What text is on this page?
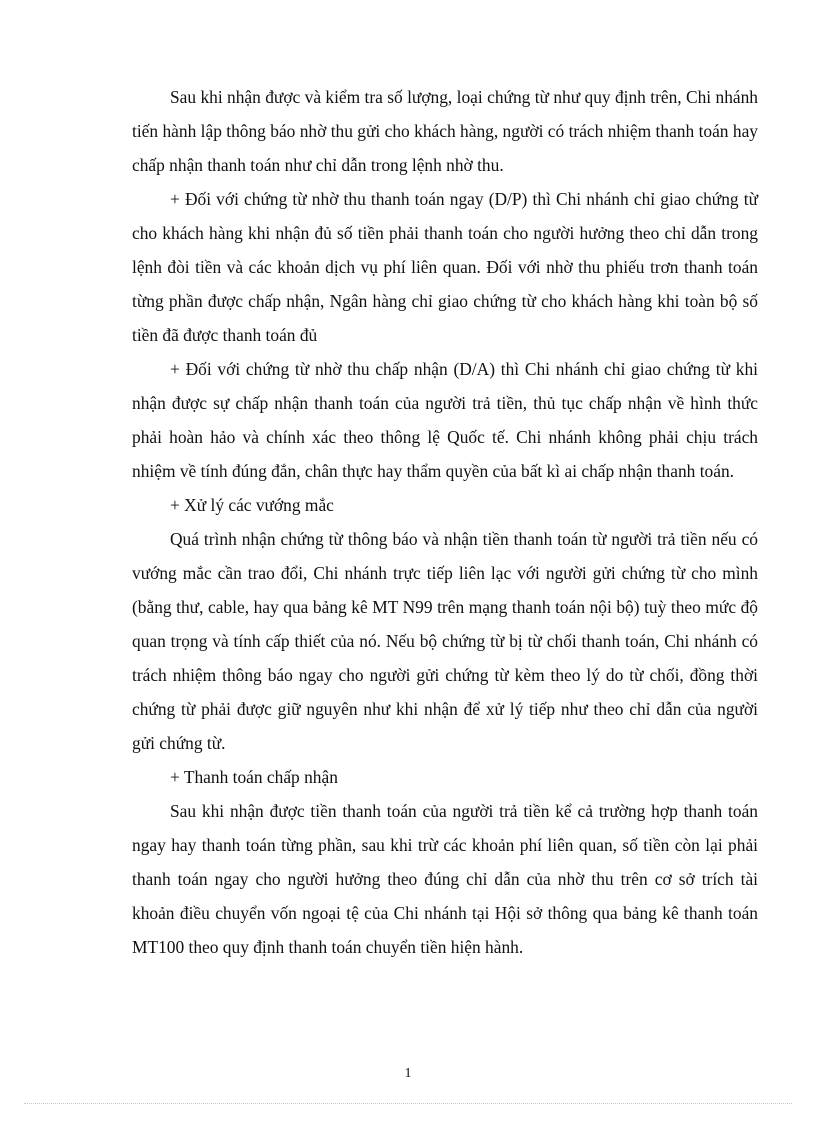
Sau khi nhận được và kiểm tra số lượng, loại chứng từ như quy định trên, Chi nhánh tiến hành lập thông báo nhờ thu gửi cho khách hàng, người có trách nhiệm thanh toán hay chấp nhận thanh toán như chỉ dẫn trong lệnh nhờ thu.

+ Đối với chứng từ nhờ thu thanh toán ngay (D/P) thì Chi nhánh chỉ giao chứng từ cho khách hàng khi nhận đủ số tiền phải thanh toán cho người hưởng theo chỉ dẫn trong lệnh đòi tiền và các khoản dịch vụ phí liên quan. Đối với nhờ thu phiếu trơn thanh toán từng phần được chấp nhận, Ngân hàng chỉ giao chứng từ cho khách hàng khi toàn bộ số tiền đã được thanh toán đủ

+ Đối với chứng từ nhờ thu chấp nhận (D/A) thì Chi nhánh chỉ giao chứng từ khi nhận được sự chấp nhận thanh toán của người trả tiền, thủ tục chấp nhận về hình thức phải hoàn hảo và chính xác theo thông lệ Quốc tế. Chi nhánh không phải chịu trách nhiệm về tính đúng đắn, chân thực hay thẩm quyền của bất kì ai chấp nhận thanh toán.

+ Xử lý các vướng mắc

Quá trình nhận chứng từ thông báo và nhận tiền thanh toán từ người trả tiền nếu có vướng mắc cần trao đổi, Chi nhánh trực tiếp liên lạc với người gửi chứng từ cho mình (bằng thư, cable, hay qua bảng kê MT N99 trên mạng thanh toán nội bộ) tuỳ theo mức độ quan trọng và tính cấp thiết của nó. Nếu bộ chứng từ bị từ chối thanh toán, Chi nhánh có trách nhiệm thông báo ngay cho người gửi chứng từ kèm theo lý do từ chối, đồng thời chứng từ phải được giữ nguyên như khi nhận để xử lý tiếp như theo chỉ dẫn của người gửi chứng từ.

+ Thanh toán chấp nhận

Sau khi nhận được tiền thanh toán của người trả tiền kể cả trường hợp thanh toán ngay hay thanh toán từng phần, sau khi trừ các khoản phí liên quan, số tiền còn lại phải thanh toán ngay cho người hưởng theo đúng chỉ dẫn của nhờ thu trên cơ sở trích tài khoản điều chuyển vốn ngoại tệ của Chi nhánh tại Hội sở thông qua bảng kê thanh toán MT100 theo quy định thanh toán chuyển tiền hiện hành.

1
